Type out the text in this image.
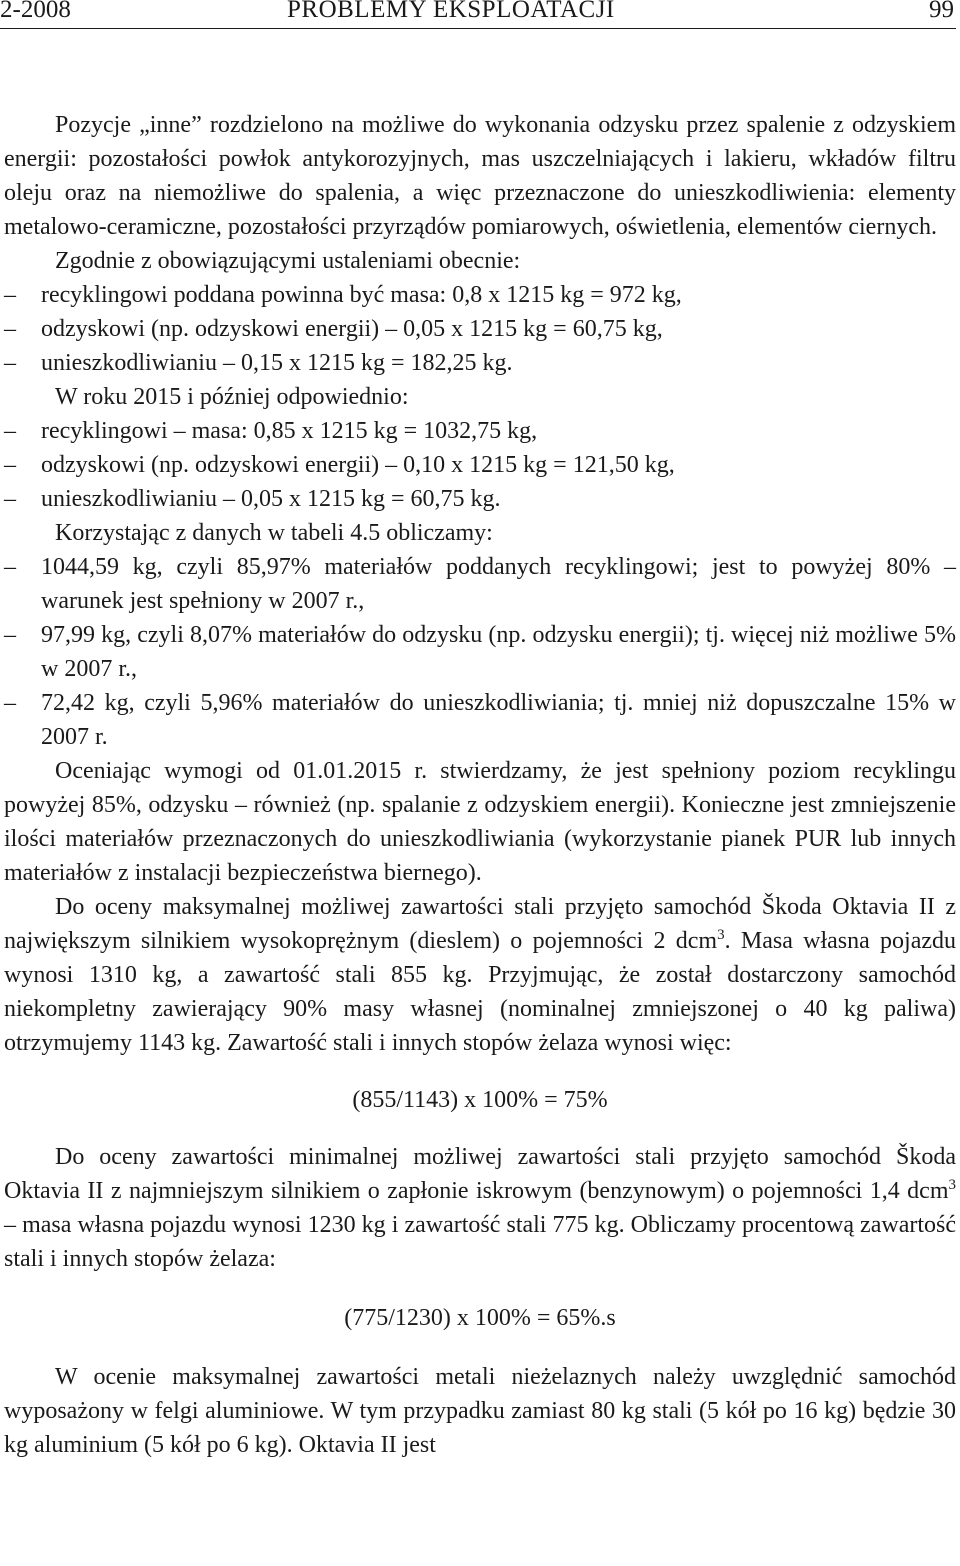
2-2008	PROBLEMY EKSPLOATACJI	99

Pozycje „inne” rozdzielono na możliwe do wykonania odzysku przez spalenie z odzyskiem energii: pozostałości powłok antykorozyjnych, mas uszczelniających i lakieru, wkładów filtru oleju oraz na niemożliwe do spalenia, a więc przeznaczone do unieszkodliwienia: elementy metalowo-ceramiczne, pozostałości przyrządów pomiarowych, oświetlenia, elementów ciernych.

Zgodnie z obowiązującymi ustaleniami obecnie:

– recyklingowi poddana powinna być masa: 0,8 x 1215 kg = 972 kg,
– odzyskowi (np. odzyskowi energii) – 0,05 x 1215 kg = 60,75 kg,
– unieszkodliwianiu – 0,15 x 1215 kg = 182,25 kg.

W roku 2015 i później odpowiednio:

– recyklingowi – masa: 0,85 x 1215 kg = 1032,75 kg,
– odzyskowi (np. odzyskowi energii) – 0,10 x 1215 kg = 121,50 kg,
– unieszkodliwianiu – 0,05 x 1215 kg = 60,75 kg.

Korzystając z danych w tabeli 4.5 obliczamy:

– 1044,59 kg, czyli 85,97% materiałów poddanych recyklingowi; jest to powyżej 80% – warunek jest spełniony w 2007 r.,
– 97,99 kg, czyli 8,07% materiałów do odzysku (np. odzysku energii); tj. więcej niż możliwe 5% w 2007 r.,
– 72,42 kg, czyli 5,96% materiałów do unieszkodliwiania; tj. mniej niż dopuszczalne 15% w 2007 r.

Oceniając wymogi od 01.01.2015 r. stwierdzamy, że jest spełniony poziom recyklingu powyżej 85%, odzysku – również (np. spalanie z odzyskiem energii). Konieczne jest zmniejszenie ilości materiałów przeznaczonych do unieszkodliwiania (wykorzystanie pianek PUR lub innych materiałów z instalacji bezpieczeństwa biernego).

Do oceny maksymalnej możliwej zawartości stali przyjęto samochód Škoda Oktavia II z największym silnikiem wysokoprężnym (dieslem) o pojemności 2 dcm$^3$. Masa własna pojazdu wynosi 1310 kg, a zawartość stali 855 kg. Przyjmując, że został dostarczony samochód niekompletny zawierający 90% masy własnej (nominalnej zmniejszonej o 40 kg paliwa) otrzymujemy 1143 kg. Zawartość stali i innych stopów żelaza wynosi więc:

(855/1143) x 100% = 75%

Do oceny zawartości minimalnej możliwej zawartości stali przyjęto samochód Škoda Oktavia II z najmniejszym silnikiem o zapłonie iskrowym (benzynowym) o pojemności 1,4 dcm$^3$ – masa własna pojazdu wynosi 1230 kg i zawartość stali 775 kg. Obliczamy procentową zawartość stali i innych stopów żelaza:

(775/1230) x 100% = 65%.s

W ocenie maksymalnej zawartości metali nieżelaznych należy uwzględnić samochód wyposażony w felgi aluminiowe. W tym przypadku zamiast 80 kg stali (5 kół po 16 kg) będzie 30 kg aluminium (5 kół po 6 kg). Oktavia II jest
